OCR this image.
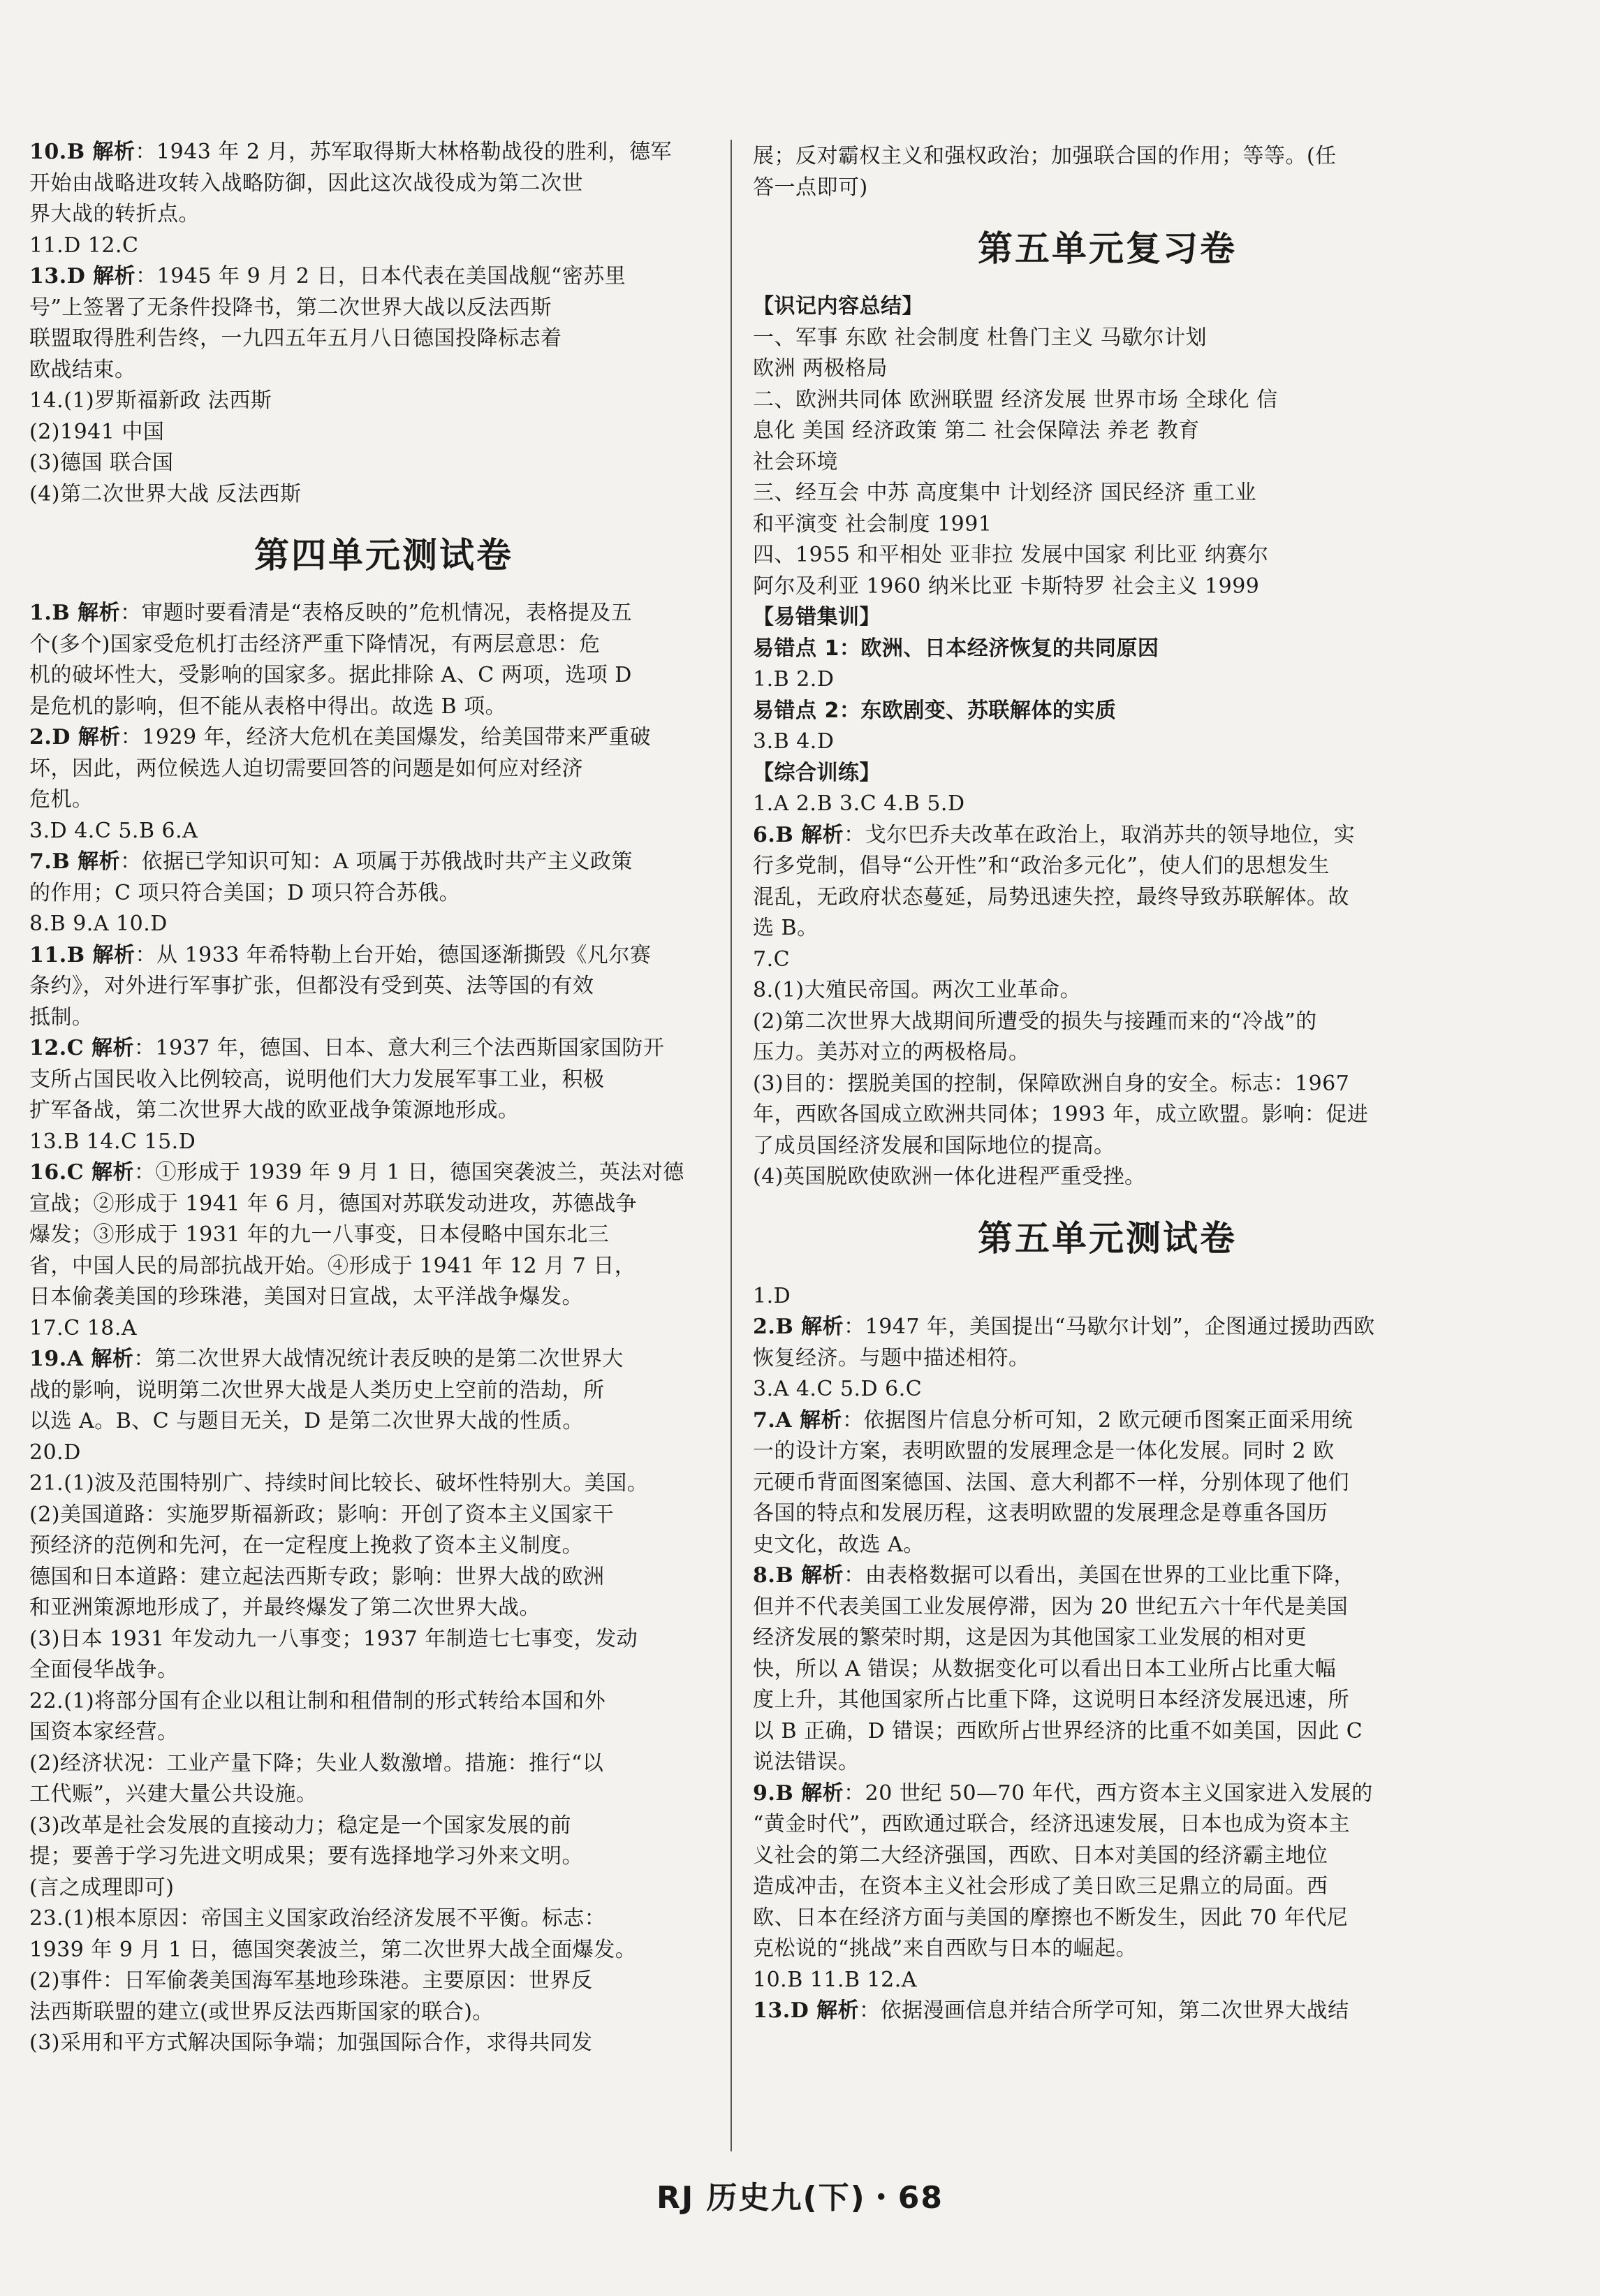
10.B 解析：1943 年 2 月，苏军取得斯大林格勒战役的胜利，德军
开始由战略进攻转入战略防御，因此这次战役成为第二次世
界大战的转折点。
11.D 12.C
13.D 解析：1945 年 9 月 2 日，日本代表在美国战舰“密苏里
号”上签署了无条件投降书，第二次世界大战以反法西斯
联盟取得胜利告终，一九四五年五月八日德国投降标志着
欧战结束。
14.(1)罗斯福新政 法西斯
(2)1941 中国
(3)德国 联合国
(4)第二次世界大战 反法西斯
第四单元测试卷
1.B 解析：审题时要看清是“表格反映的”危机情况，表格提及五
个(多个)国家受危机打击经济严重下降情况，有两层意思：危
机的破坏性大，受影响的国家多。据此排除 A、C 两项，选项 D
是危机的影响，但不能从表格中得出。故选 B 项。
2.D 解析：1929 年，经济大危机在美国爆发，给美国带来严重破
坏，因此，两位候选人迫切需要回答的问题是如何应对经济
危机。
3.D 4.C 5.B 6.A
7.B 解析：依据已学知识可知：A 项属于苏俄战时共产主义政策
的作用；C 项只符合美国；D 项只符合苏俄。
8.B 9.A 10.D
11.B 解析：从 1933 年希特勒上台开始，德国逐渐撕毁《凡尔赛
条约》，对外进行军事扩张，但都没有受到英、法等国的有效
抵制。
12.C 解析：1937 年，德国、日本、意大利三个法西斯国家国防开
支所占国民收入比例较高，说明他们大力发展军事工业，积极
扩军备战，第二次世界大战的欧亚战争策源地形成。
13.B 14.C 15.D
16.C 解析：①形成于 1939 年 9 月 1 日，德国突袭波兰，英法对德
宣战；②形成于 1941 年 6 月，德国对苏联发动进攻，苏德战争
爆发；③形成于 1931 年的九一八事变，日本侵略中国东北三
省，中国人民的局部抗战开始。④形成于 1941 年 12 月 7 日，
日本偷袭美国的珍珠港，美国对日宣战，太平洋战争爆发。
17.C 18.A
19.A 解析：第二次世界大战情况统计表反映的是第二次世界大
战的影响，说明第二次世界大战是人类历史上空前的浩劫，所
以选 A。B、C 与题目无关，D 是第二次世界大战的性质。
20.D
21.(1)波及范围特别广、持续时间比较长、破坏性特别大。美国。
(2)美国道路：实施罗斯福新政；影响：开创了资本主义国家干
预经济的范例和先河，在一定程度上挽救了资本主义制度。
德国和日本道路：建立起法西斯专政；影响：世界大战的欧洲
和亚洲策源地形成了，并最终爆发了第二次世界大战。
(3)日本 1931 年发动九一八事变；1937 年制造七七事变，发动
全面侵华战争。
22.(1)将部分国有企业以租让制和租借制的形式转给本国和外
国资本家经营。
(2)经济状况：工业产量下降；失业人数激增。措施：推行“以
工代赈”，兴建大量公共设施。
(3)改革是社会发展的直接动力；稳定是一个国家发展的前
提；要善于学习先进文明成果；要有选择地学习外来文明。
(言之成理即可)
23.(1)根本原因：帝国主义国家政治经济发展不平衡。标志：
1939 年 9 月 1 日，德国突袭波兰，第二次世界大战全面爆发。
(2)事件：日军偷袭美国海军基地珍珠港。主要原因：世界反
法西斯联盟的建立(或世界反法西斯国家的联合)。
(3)采用和平方式解决国际争端；加强国际合作，求得共同发
展；反对霸权主义和强权政治；加强联合国的作用；等等。(任
答一点即可)
第五单元复习卷
【识记内容总结】
一、军事 东欧 社会制度 杜鲁门主义 马歇尔计划
欧洲 两极格局
二、欧洲共同体 欧洲联盟 经济发展 世界市场 全球化 信
息化 美国 经济政策 第二 社会保障法 养老 教育
社会环境
三、经互会 中苏 高度集中 计划经济 国民经济 重工业
和平演变 社会制度 1991
四、1955 和平相处 亚非拉 发展中国家 利比亚 纳赛尔
阿尔及利亚 1960 纳米比亚 卡斯特罗 社会主义 1999
【易错集训】
易错点 1：欧洲、日本经济恢复的共同原因
1.B 2.D
易错点 2：东欧剧变、苏联解体的实质
3.B 4.D
【综合训练】
1.A 2.B 3.C 4.B 5.D
6.B 解析：戈尔巴乔夫改革在政治上，取消苏共的领导地位，实
行多党制，倡导“公开性”和“政治多元化”，使人们的思想发生
混乱，无政府状态蔓延，局势迅速失控，最终导致苏联解体。故
选 B。
7.C
8.(1)大殖民帝国。两次工业革命。
(2)第二次世界大战期间所遭受的损失与接踵而来的“冷战”的
压力。美苏对立的两极格局。
(3)目的：摆脱美国的控制，保障欧洲自身的安全。标志：1967
年，西欧各国成立欧洲共同体；1993 年，成立欧盟。影响：促进
了成员国经济发展和国际地位的提高。
(4)英国脱欧使欧洲一体化进程严重受挫。
第五单元测试卷
1.D
2.B 解析：1947 年，美国提出“马歇尔计划”，企图通过援助西欧
恢复经济。与题中描述相符。
3.A 4.C 5.D 6.C
7.A 解析：依据图片信息分析可知，2 欧元硬币图案正面采用统
一的设计方案，表明欧盟的发展理念是一体化发展。同时 2 欧
元硬币背面图案德国、法国、意大利都不一样，分别体现了他们
各国的特点和发展历程，这表明欧盟的发展理念是尊重各国历
史文化，故选 A。
8.B 解析：由表格数据可以看出，美国在世界的工业比重下降，
但并不代表美国工业发展停滞，因为 20 世纪五六十年代是美国
经济发展的繁荣时期，这是因为其他国家工业发展的相对更
快，所以 A 错误；从数据变化可以看出日本工业所占比重大幅
度上升，其他国家所占比重下降，这说明日本经济发展迅速，所
以 B 正确，D 错误；西欧所占世界经济的比重不如美国，因此 C
说法错误。
9.B 解析：20 世纪 50—70 年代，西方资本主义国家进入发展的
“黄金时代”，西欧通过联合，经济迅速发展，日本也成为资本主
义社会的第二大经济强国，西欧、日本对美国的经济霸主地位
造成冲击，在资本主义社会形成了美日欧三足鼎立的局面。西
欧、日本在经济方面与美国的摩擦也不断发生，因此 70 年代尼
克松说的“挑战”来自西欧与日本的崛起。
10.B 11.B 12.A
13.D 解析：依据漫画信息并结合所学可知，第二次世界大战结
RJ 历史九(下)・68
